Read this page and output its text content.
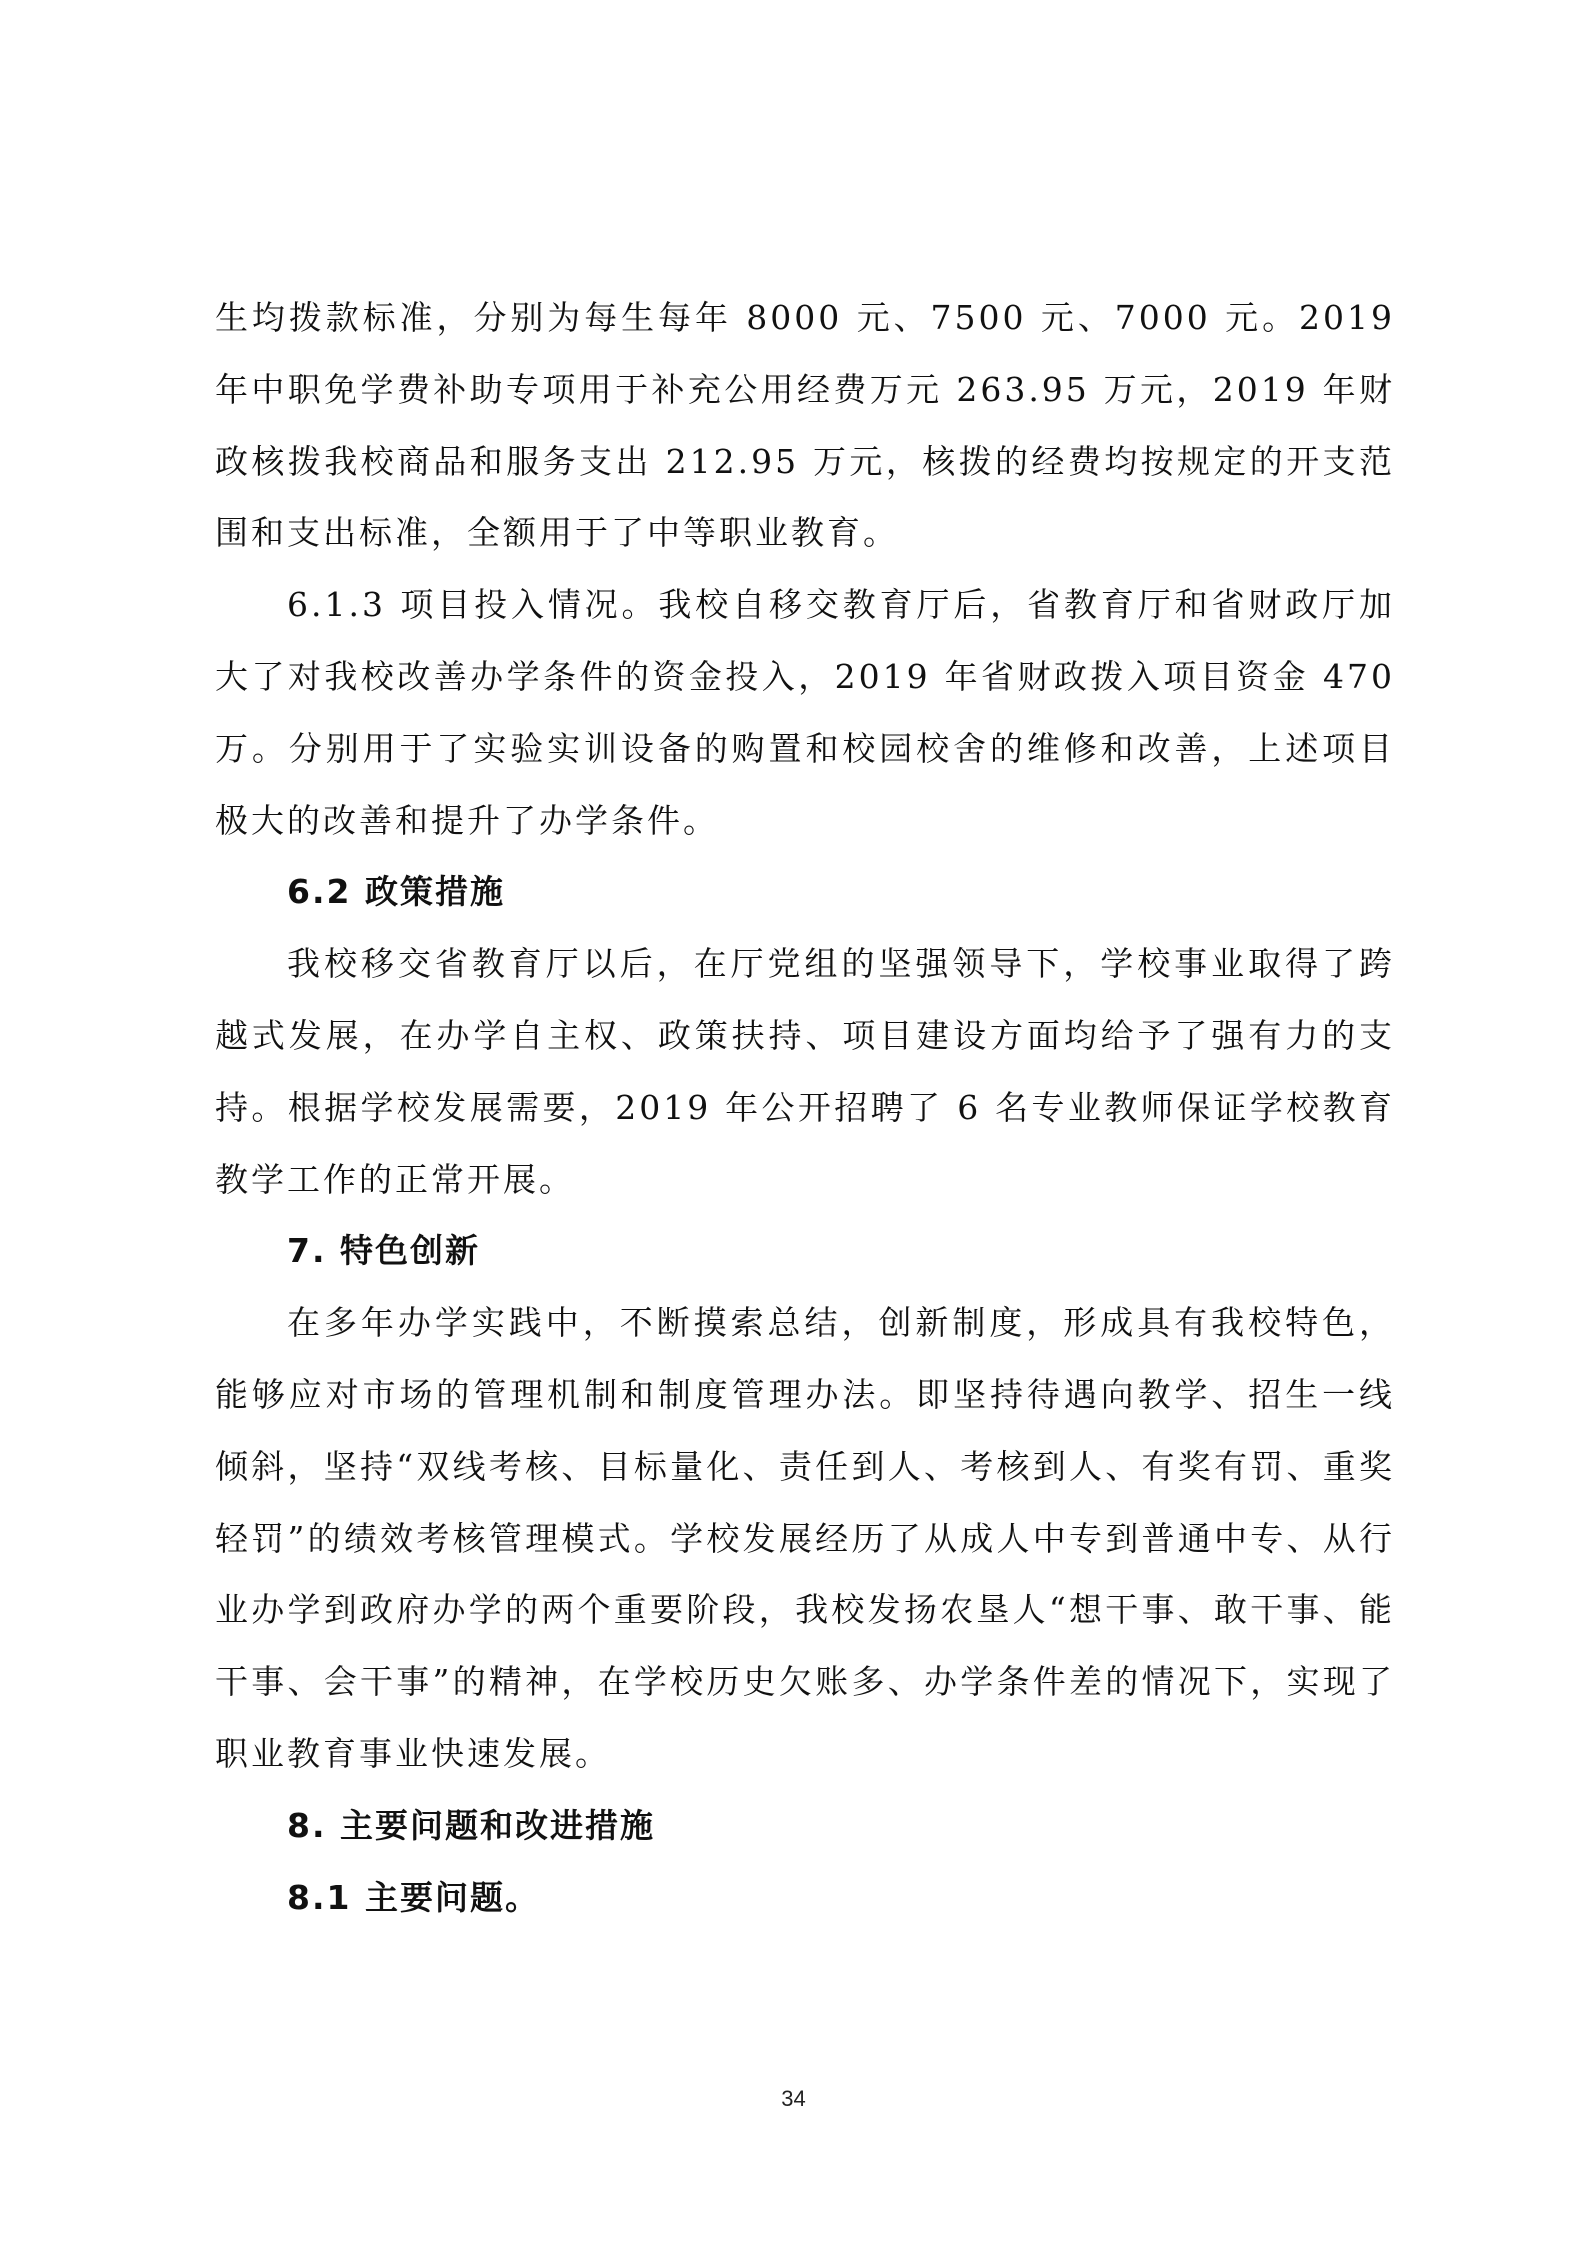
生均拨款标准，分别为每生每年 8000 元、7500 元、7000 元。2019 年中职免学费补助专项用于补充公用经费万元 263.95 万元，2019 年财政核拨我校商品和服务支出 212.95 万元，核拨的经费均按规定的开支范围和支出标准，全额用于了中等职业教育。

6.1.3 项目投入情况。我校自移交教育厅后，省教育厅和省财政厅加大了对我校改善办学条件的资金投入，2019 年省财政拨入项目资金 470 万。分别用于了实验实训设备的购置和校园校舍的维修和改善，上述项目极大的改善和提升了办学条件。

6.2 政策措施

我校移交省教育厅以后，在厅党组的坚强领导下，学校事业取得了跨越式发展，在办学自主权、政策扶持、项目建设方面均给予了强有力的支持。根据学校发展需要，2019 年公开招聘了 6 名专业教师保证学校教育教学工作的正常开展。

7. 特色创新

在多年办学实践中，不断摸索总结，创新制度，形成具有我校特色，能够应对市场的管理机制和制度管理办法。即坚持待遇向教学、招生一线倾斜，坚持“双线考核、目标量化、责任到人、考核到人、有奖有罚、重奖轻罚”的绩效考核管理模式。学校发展经历了从成人中专到普通中专、从行业办学到政府办学的两个重要阶段，我校发扬农垦人“想干事、敢干事、能干事、会干事”的精神，在学校历史欠账多、办学条件差的情况下，实现了职业教育事业快速发展。

8. 主要问题和改进措施

8.1 主要问题。

34
